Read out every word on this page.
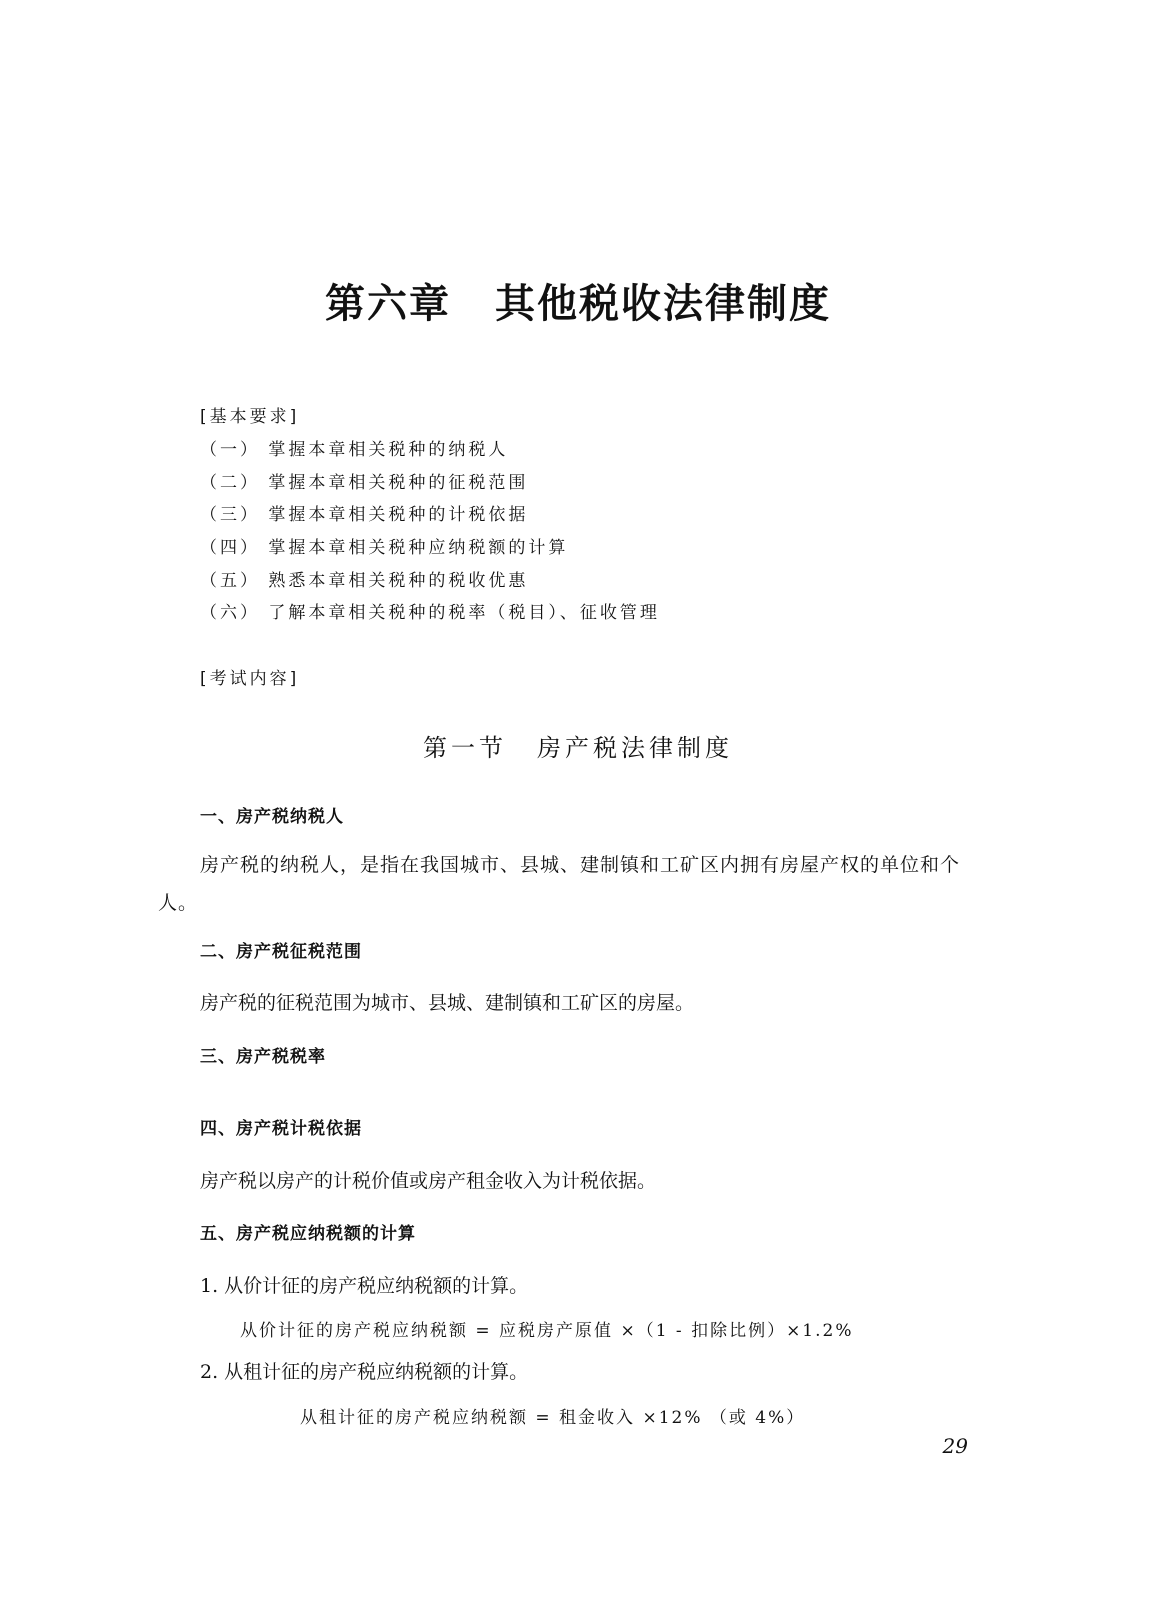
第六章 其他税收法律制度
[基本要求]
（一） 掌握本章相关税种的纳税人
（二） 掌握本章相关税种的征税范围
（三） 掌握本章相关税种的计税依据
（四） 掌握本章相关税种应纳税额的计算
（五） 熟悉本章相关税种的税收优惠
（六） 了解本章相关税种的税率（税目）、征收管理
[考试内容]
第一节 房产税法律制度
一、房产税纳税人
房产税的纳税人，是指在我国城市、县城、建制镇和工矿区内拥有房屋产权的单位和个人。
二、房产税征税范围
房产税的征税范围为城市、县城、建制镇和工矿区的房屋。
三、房产税税率
四、房产税计税依据
房产税以房产的计税价值或房产租金收入为计税依据。
五、房产税应纳税额的计算
1. 从价计征的房产税应纳税额的计算。
从价计征的房产税应纳税额 = 应税房产原值 ×（1 - 扣除比例）×1.2%
2. 从租计征的房产税应纳税额的计算。
从租计征的房产税应纳税额 = 租金收入 ×12% （或 4%）
29
